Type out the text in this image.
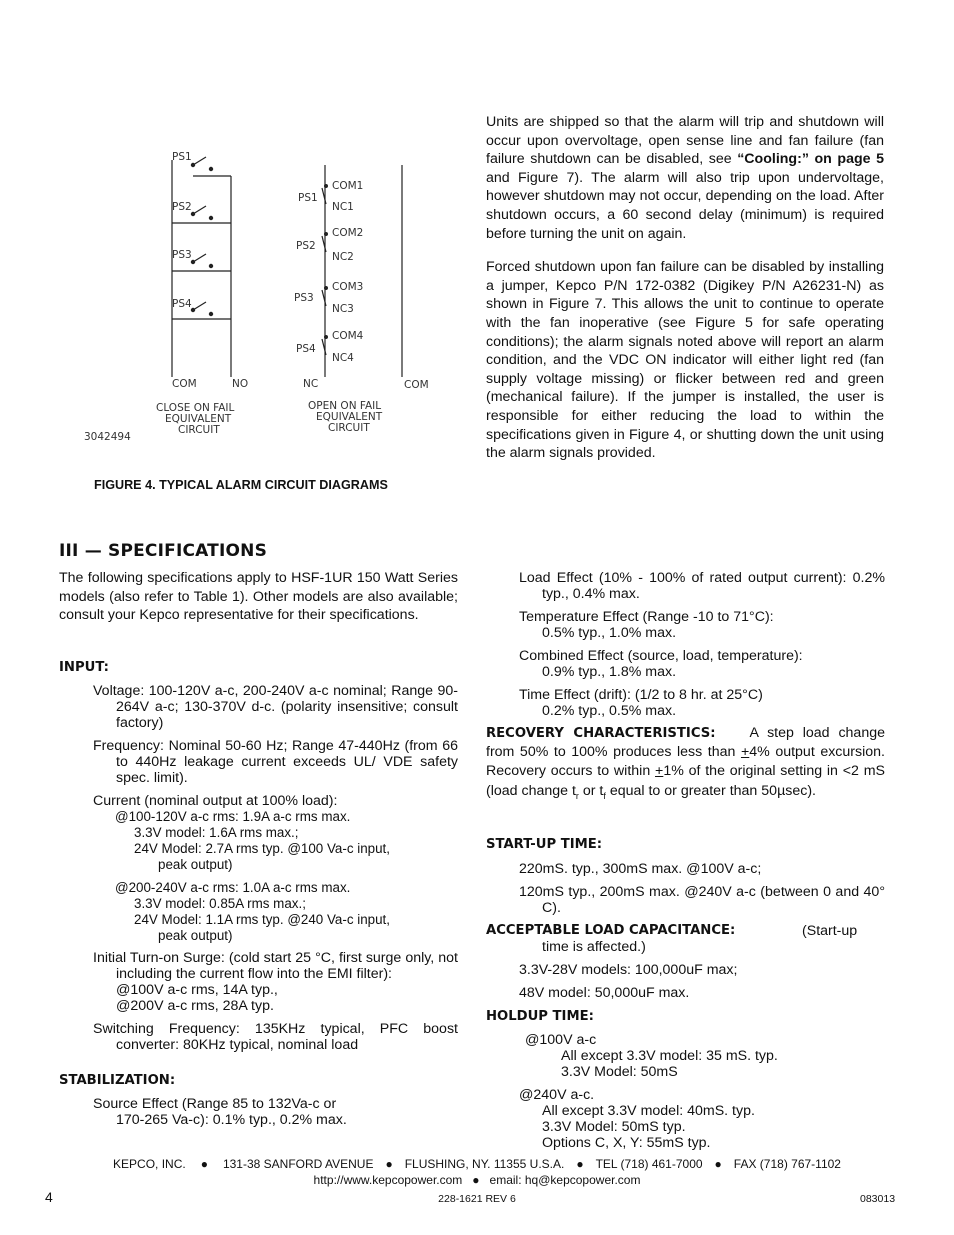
PS1
PS2
PS3
PS4
COM	NO
CLOSE ON FAIL
EQUIVALENT
CIRCUIT
PS1
PS2
PS3
PS4
COM1
NC1
COM2
NC2
COM3
NC3
COM4
NC4
NC	COM
OPEN ON FAIL
EQUIVALENT
CIRCUIT
3042494
FIGURE 4. TYPICAL ALARM CIRCUIT DIAGRAMS

Units are shipped so that the alarm will trip and shutdown will occur upon overvoltage, open sense line and fan failure (fan failure shutdown can be disabled, see “Cooling:” on page 5 and Figure 7). The alarm will also trip upon undervoltage, however shutdown may not occur, depending on the load. After shutdown occurs, a 60 second delay (minimum) is required before turning the unit on again.

Forced shutdown upon fan failure can be disabled by installing a jumper, Kepco P/N 172-0382 (Digikey P/N A26231-N) as shown in Figure 7. This allows the unit to continue to operate with the fan inoperative (see Figure 5 for safe operating conditions); the alarm signals noted above will report an alarm condition, and the VDC ON indicator will either light red (fan supply voltage missing) or flicker between red and green (mechanical failure). If the jumper is installed, the user is responsible for either reducing the load to within the specifications given in Figure 4, or shutting down the unit using the alarm signals provided.

III — SPECIFICATIONS

The following specifications apply to HSF-1UR 150 Watt Series models (also refer to Table 1). Other models are also available; consult your Kepco representative for their specifications.

INPUT:
Voltage: 100-120V a-c, 200-240V a-c nominal; Range 90-264V a-c; 130-370V d-c. (polarity insensitive; consult factory)
Frequency: Nominal 50-60 Hz; Range 47-440Hz (from 66 to 440Hz leakage current exceeds UL/ VDE safety spec. limit).
Current (nominal output at 100% load):
@100-120V a-c rms: 1.9A a-c rms max.
3.3V model: 1.6A rms max.;
24V Model: 2.7A rms typ. @100 Va-c input,
peak output)
@200-240V a-c rms: 1.0A a-c rms max.
3.3V model: 0.85A rms max.;
24V Model: 1.1A rms typ. @240 Va-c input,
peak output)
Initial Turn-on Surge: (cold start 25 °C, first surge only, not including the current flow into the EMI filter):
@100V a-c rms, 14A typ.,
@200V a-c rms, 28A typ.
Switching Frequency: 135KHz typical, PFC boost converter: 80KHz typical, nominal load
STABILIZATION:
Source Effect (Range 85 to 132Va-c or
170-265 Va-c): 0.1% typ., 0.2% max.
Load Effect (10% - 100% of rated output current): 0.2% typ., 0.4% max.
Temperature Effect (Range -10 to 71°C):
0.5% typ., 1.0% max.
Combined Effect (source, load, temperature):
0.9% typ., 1.8% max.
Time Effect (drift): (1/2 to 8 hr. at 25°C)
0.2% typ., 0.5% max.

RECOVERY CHARACTERISTICS: A step load change from 50% to 100% produces less than +4% output excursion. Recovery occurs to within +1% of the original setting in <2 mS (load change $t_r$ or $t_f$ equal to or greater than 50µsec).

START-UP TIME:
220mS. typ., 300mS max. @100V a-c;
120mS typ., 200mS max. @240V a-c (between 0 and 40° C).
ACCEPTABLE LOAD CAPACITANCE:	(Start-up
time is affected.)
3.3V-28V models: 100,000uF max;
48V model: 50,000uF max.
HOLDUP TIME:
@100V a-c
All except 3.3V model: 35 mS. typ.
3.3V Model: 50mS
@240V a-c.
All except 3.3V model: 40mS. typ.
3.3V Model: 50mS typ.
Options C, X, Y: 55mS typ.
KEPCO, INC. ● 131-38 SANFORD AVENUE ● FLUSHING, NY. 11355 U.S.A. ● TEL (718) 461-7000 ● FAX (718) 767-1102
http://www.kepcopower.com ● email: hq@kepcopower.com
4	228-1621 REV 6	083013
